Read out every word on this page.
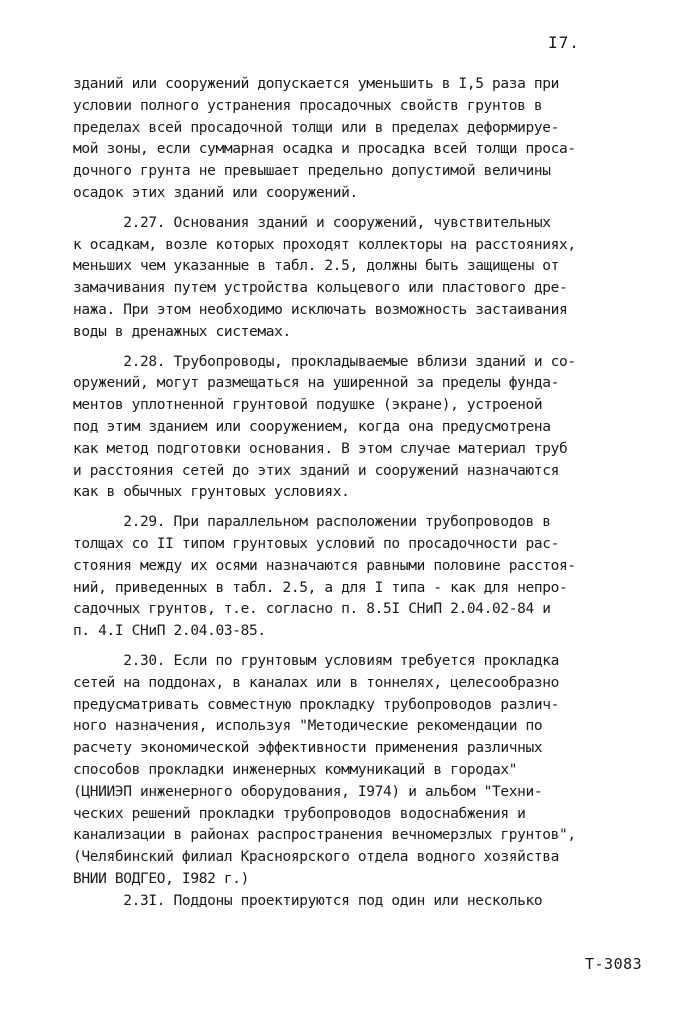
I7.
зданий или сооружений допускается уменьшить в I,5 раза при
условии полного устранения просадочных свойств грунтов в
пределах всей просадочной толщи или в пределах деформируе-
мой зоны, если суммарная осадка и просадка всей толщи проса-
дочного грунта не превышает предельно допустимой величины
осадок этих зданий или сооружений.
2.27. Основания зданий и сооружений, чувствительных
к осадкам, возле которых проходят коллекторы на расстояниях,
меньших чем указанные в табл. 2.5, должны быть защищены от
замачивания путем устройства кольцевого или пластового дре-
нажа. При этом необходимо исключать возможность застаивания
воды в дренажных системах.
2.28. Трубопроводы, прокладываемые вблизи зданий и со-
оружений, могут размещаться на уширенной за пределы фунда-
ментов уплотненной грунтовой подушке (экране), устроеной
под этим зданием или сооружением, когда она предусмотрена
как метод подготовки основания. В этом случае материал труб
и расстояния сетей до этих зданий и сооружений назначаются
как в обычных грунтовых условиях.
2.29. При параллельном расположении трубопроводов в
толщах со II типом грунтовых условий по просадочности рас-
стояния между их осями назначаются равными половине расстоя-
ний, приведенных в табл. 2.5, а для I типа - как для непро-
садочных грунтов, т.е. согласно п. 8.5I СНиП 2.04.02-84 и
п. 4.I СНиП 2.04.03-85.
2.30. Если по грунтовым условиям требуется прокладка
сетей на поддонах, в каналах или в тоннелях, целесообразно
предусматривать совместную прокладку трубопроводов различ-
ного назначения, используя "Методические рекомендации по
расчету экономической эффективности применения различных
способов прокладки инженерных коммуникаций в городах"
(ЦНИИЭП инженерного оборудования, I974) и альбом "Техни-
ческих решений прокладки трубопроводов водоснабжения и
канализации в районах распространения вечномерзлых грунтов",
(Челябинский филиал Красноярского отдела водного хозяйства
ВНИИ ВОДГЕО, I982 г.)
2.3I. Поддоны проектируются под один или несколько
Т-3083
